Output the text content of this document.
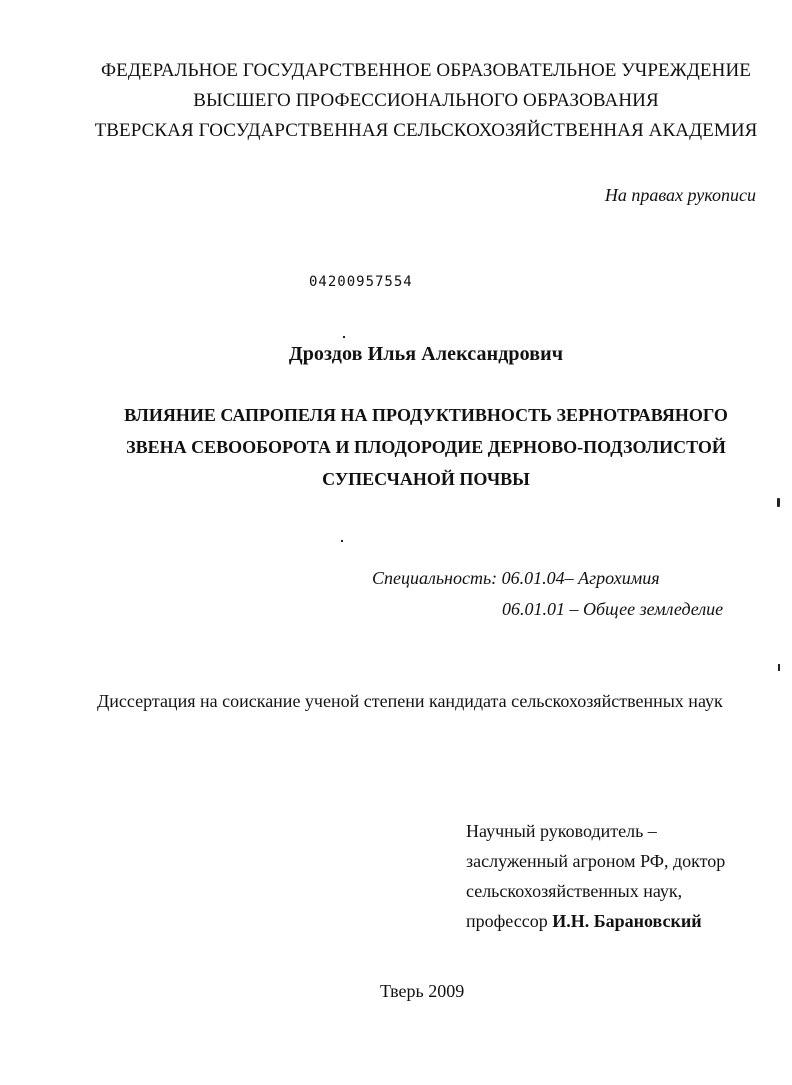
ФЕДЕРАЛЬНОЕ ГОСУДАРСТВЕННОЕ ОБРАЗОВАТЕЛЬНОЕ УЧРЕЖДЕНИЕ
ВЫСШЕГО ПРОФЕССИОНАЛЬНОГО ОБРАЗОВАНИЯ
ТВЕРСКАЯ ГОСУДАРСТВЕННАЯ СЕЛЬСКОХОЗЯЙСТВЕННАЯ АКАДЕМИЯ
На правах рукописи
04200957554
Дроздов Илья Александрович
ВЛИЯНИЕ САПРОПЕЛЯ НА ПРОДУКТИВНОСТЬ ЗЕРНОТРАВЯНОГО
ЗВЕНА СЕВООБОРОТА И ПЛОДОРОДИЕ ДЕРНОВО-ПОДЗОЛИСТОЙ
СУПЕСЧАНОЙ ПОЧВЫ
Специальность: 06.01.04– Агрохимия
06.01.01 – Общее земледелие
Диссертация на соискание ученой степени кандидата сельскохозяйственных наук
Научный руководитель –
заслуженный агроном РФ, доктор
сельскохозяйственных наук,
профессор И.Н. Барановский
Тверь 2009
